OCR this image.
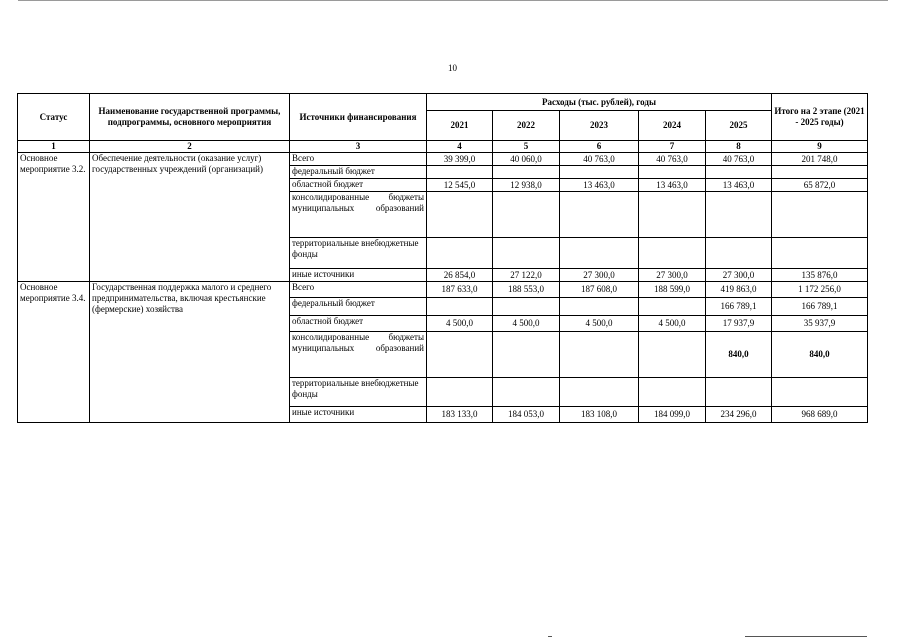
10
Статус	Наименование государственной программы, подпрограммы, основного мероприятия	Источники финансирования	Расходы (тыс. рублей), годы					Итого на 2 этапе (2021 - 2025 годы)
			2021	2022	2023	2024	2025	
1	2	3	4	5	6	7	8	9
Основное мероприятие 3.2.	Обеспечение деятельности (оказание услуг) государственных учреждений (организаций)	Всего	39 399,0	40 060,0	40 763,0	40 763,0	40 763,0	201 748,0
		федеральный бюджет						
		областной бюджет	12 545,0	12 938,0	13 463,0	13 463,0	13 463,0	65 872,0
		консолидированные бюджеты муниципальных образований						
		территориальные внебюджетные фонды						
		иные источники	26 854,0	27 122,0	27 300,0	27 300,0	27 300,0	135 876,0
Основное мероприятие 3.4.	Государственная поддержка малого и среднего предпринимательства, включая крестьянские (фермерские) хозяйства	Всего	187 633,0	188 553,0	187 608,0	188 599,0	419 863,0	1 172 256,0
		федеральный бюджет					166 789,1	166 789,1
		областной бюджет	4 500,0	4 500,0	4 500,0	4 500,0	17 937,9	35 937,9
		консолидированные бюджеты муниципальных образований					840,0	840,0
		территориальные внебюджетные фонды						
		иные источники	183 133,0	184 053,0	183 108,0	184 099,0	234 296,0	968 689,0
